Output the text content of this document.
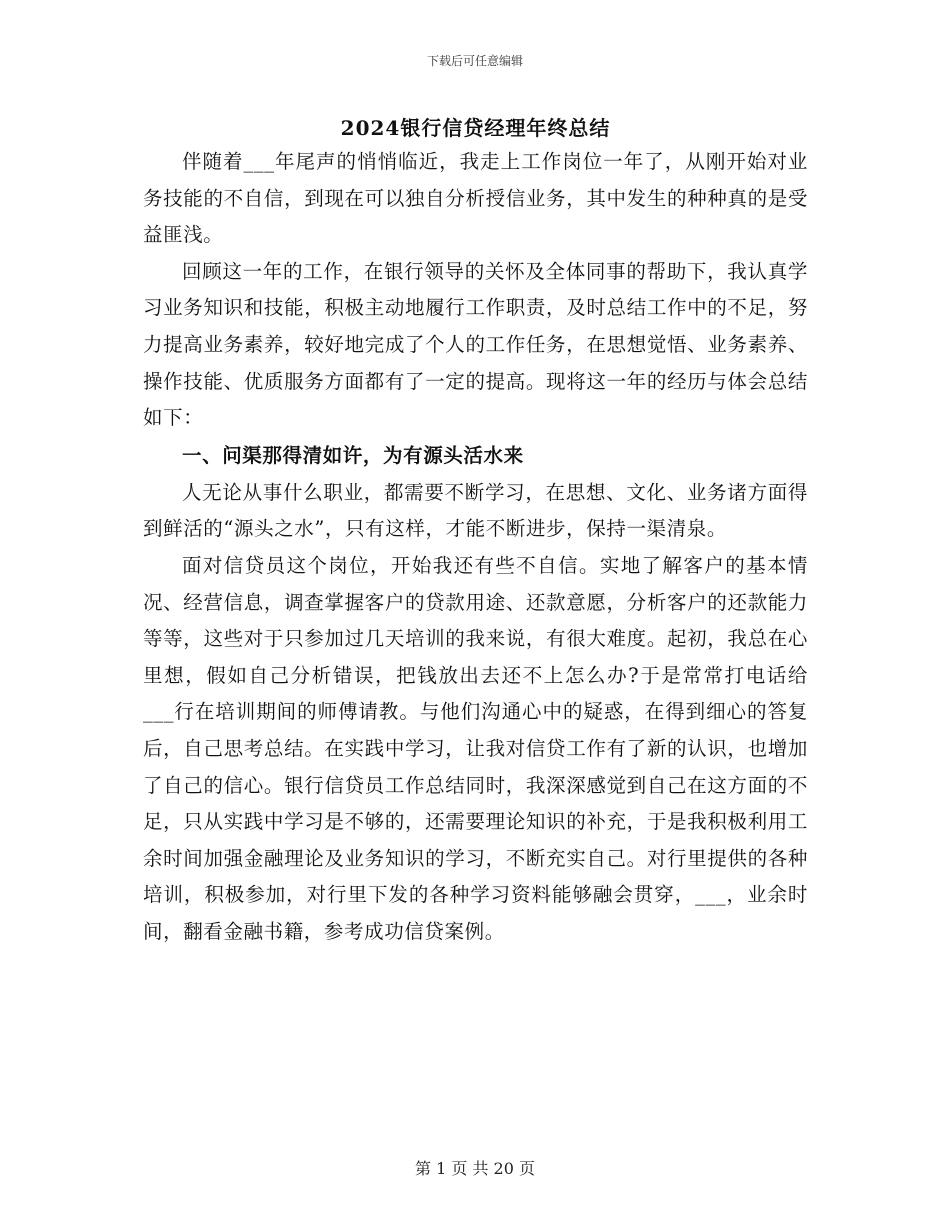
下载后可任意编辑
2024银行信贷经理年终总结

伴随着___年尾声的悄悄临近，我走上工作岗位一年了，从刚开始对业务技能的不自信，到现在可以独自分析授信业务，其中发生的种种真的是受益匪浅。

回顾这一年的工作，在银行领导的关怀及全体同事的帮助下，我认真学习业务知识和技能，积极主动地履行工作职责，及时总结工作中的不足，努力提高业务素养，较好地完成了个人的工作任务，在思想觉悟、业务素养、操作技能、优质服务方面都有了一定的提高。现将这一年的经历与体会总结如下：

一、问渠那得清如许，为有源头活水来

人无论从事什么职业，都需要不断学习，在思想、文化、业务诸方面得到鲜活的“源头之水”，只有这样，才能不断进步，保持一渠清泉。

面对信贷员这个岗位，开始我还有些不自信。实地了解客户的基本情况、经营信息，调查掌握客户的贷款用途、还款意愿，分析客户的还款能力等等，这些对于只参加过几天培训的我来说，有很大难度。起初，我总在心里想，假如自己分析错误，把钱放出去还不上怎么办?于是常常打电话给___行在培训期间的师傅请教。与他们沟通心中的疑惑，在得到细心的答复后，自己思考总结。在实践中学习，让我对信贷工作有了新的认识，也增加了自己的信心。银行信贷员工作总结同时，我深深感觉到自己在这方面的不足，只从实践中学习是不够的，还需要理论知识的补充，于是我积极利用工余时间加强金融理论及业务知识的学习，不断充实自己。对行里提供的各种培训，积极参加，对行里下发的各种学习资料能够融会贯穿，___，业余时间，翻看金融书籍，参考成功信贷案例。

第 1 页 共 20 页
